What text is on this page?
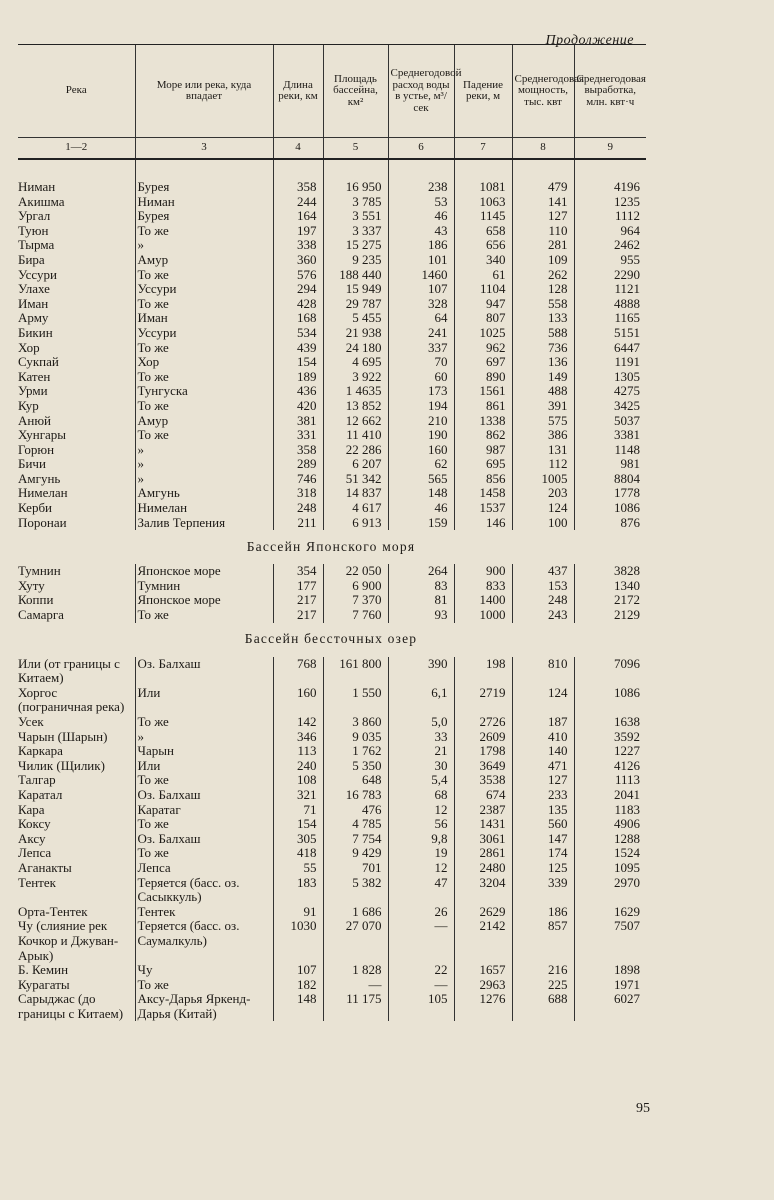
Продолжение
Река	Море или река, куда впадает	Длина реки, км	Площадь бассейна, км²	Среднегодовой расход воды в устье, м³/сек	Падение реки, м	Среднегодовая мощность, тыс. квт	Среднегодовая выработка, млн. квт·ч
1—2	3	4	5	6	7	8	9

Ниман	Бурея	358	16 950	238	1081	479	4196
Акишма	Ниман	244	3 785	53	1063	141	1235
Ургал	Бурея	164	3 551	46	1145	127	1112
Туюн	То же	197	3 337	43	658	110	964
Тырма	»	338	15 275	186	656	281	2462
Бира	Амур	360	9 235	101	340	109	955
Уссури	То же	576	188 440	1460	61	262	2290
Улахе	Уссури	294	15 949	107	1104	128	1121
Иман	То же	428	29 787	328	947	558	4888
Арму	Иман	168	5 455	64	807	133	1165
Бикин	Уссури	534	21 938	241	1025	588	5151
Хор	То же	439	24 180	337	962	736	6447
Сукпай	Хор	154	4 695	70	697	136	1191
Катен	То же	189	3 922	60	890	149	1305
Урми	Тунгуска	436	1 4635	173	1561	488	4275
Кур	То же	420	13 852	194	861	391	3425
Анюй	Амур	381	12 662	210	1338	575	5037
Хунгары	То же	331	11 410	190	862	386	3381
Горюн	»	358	22 286	160	987	131	1148
Бичи	»	289	6 207	62	695	112	981
Амгунь	»	746	51 342	565	856	1005	8804
Нимелан	Амгунь	318	14 837	148	1458	203	1778
Керби	Нимелан	248	4 617	46	1537	124	1086
Поронаи	Залив Терпения	211	6 913	159	146	100	876
Бассейн Японского моря							
Тумнин	Японское море	354	22 050	264	900	437	3828
Хуту	Тумнин	177	6 900	83	833	153	1340
Коппи	Японское море	217	7 370	81	1400	248	2172
Самарга	То же	217	7 760	93	1000	243	2129
Бассейн бессточных озер							
Или (от границы с Китаем)	Оз. Балхаш	768	161 800	390	198	810	7096
Хоргос (пограничная река)	Или	160	1 550	6,1	2719	124	1086
Усек	То же	142	3 860	5,0	2726	187	1638
Чарын (Шарын)	»	346	9 035	33	2609	410	3592
Каркара	Чарын	113	1 762	21	1798	140	1227
Чилик (Щилик)	Или	240	5 350	30	3649	471	4126
Талгар	То же	108	648	5,4	3538	127	1113
Каратал	Оз. Балхаш	321	16 783	68	674	233	2041
Кара	Каратаг	71	476	12	2387	135	1183
Коксу	То же	154	4 785	56	1431	560	4906
Аксу	Оз. Балхаш	305	7 754	9,8	3061	147	1288
Лепса	То же	418	9 429	19	2861	174	1524
Аганакты	Лепса	55	701	12	2480	125	1095
Тентек	Теряется (басс. оз. Сасыккуль)	183	5 382	47	3204	339	2970
Орта-Тентек	Тентек	91	1 686	26	2629	186	1629
Чу (слияние рек Кочкор и Джуван-Арык)	Теряется (басс. оз. Саумалкуль)	1030	27 070	—	2142	857	7507
Б. Кемин	Чу	107	1 828	22	1657	216	1898
Курагаты	То же	182	—	—	2963	225	1971
Сарыджас (до границы с Китаем)	Аксу-Дарья Яркенд-Дарья (Китай)	148	11 175	105	1276	688	6027
95
